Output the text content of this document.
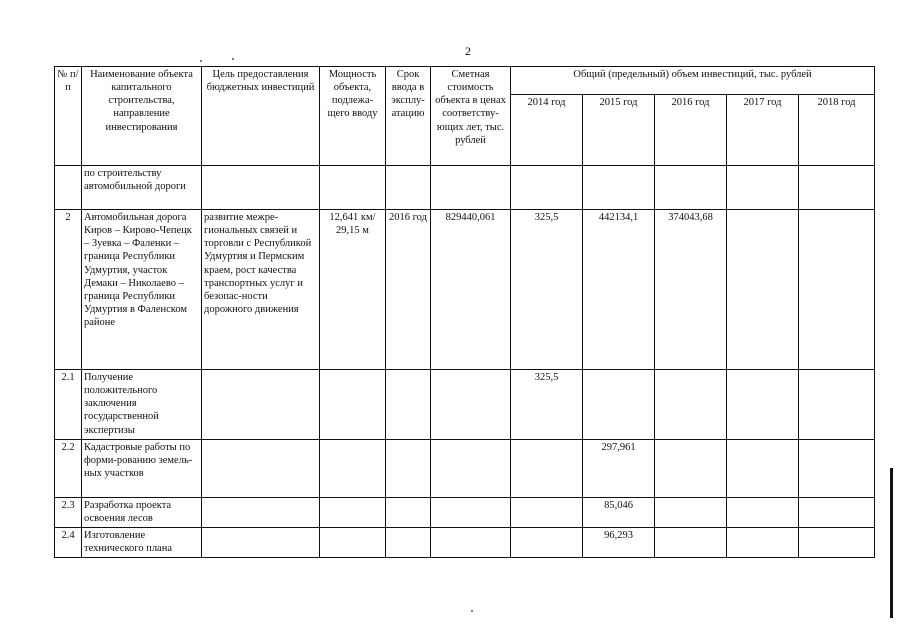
2
№ п/п	Наименование объекта капитального строительства, направление инвестирования	Цель предоставления бюджетных инвестиций	Мощность объекта, подлежа-щего вводу	Срок ввода в эксплу-атацию	Сметная стоимость объекта в ценах соответству-ющих лет, тыс. рублей	Общий (предельный) объем инвестиций, тыс. рублей				
						2014 год	2015 год	2016 год	2017 год	2018 год
	по строительству автомобильной дороги									
2	Автомобильная дорога Киров – Кирово-Чепецк – Зуевка – Фаленки – граница Республики Удмуртия, участок Демаки – Николаево – граница Республики Удмуртия в Фаленском районе	развитие межре-гиональных связей и торговли с Республикой Удмуртия и Пермским краем, рост качества транспортных услуг и безопас-ности дорожного движения	12,641 км/ 29,15 м	2016 год	829440,061	325,5	442134,1	374043,68		
2.1	Получение положительного заключения государственной экспертизы					325,5				
2.2	Кадастровые работы по форми-рованию земель-ных участков						297,961			
2.3	Разработка проекта освоения лесов						85,046			
2.4	Изготовление технического плана						96,293			
